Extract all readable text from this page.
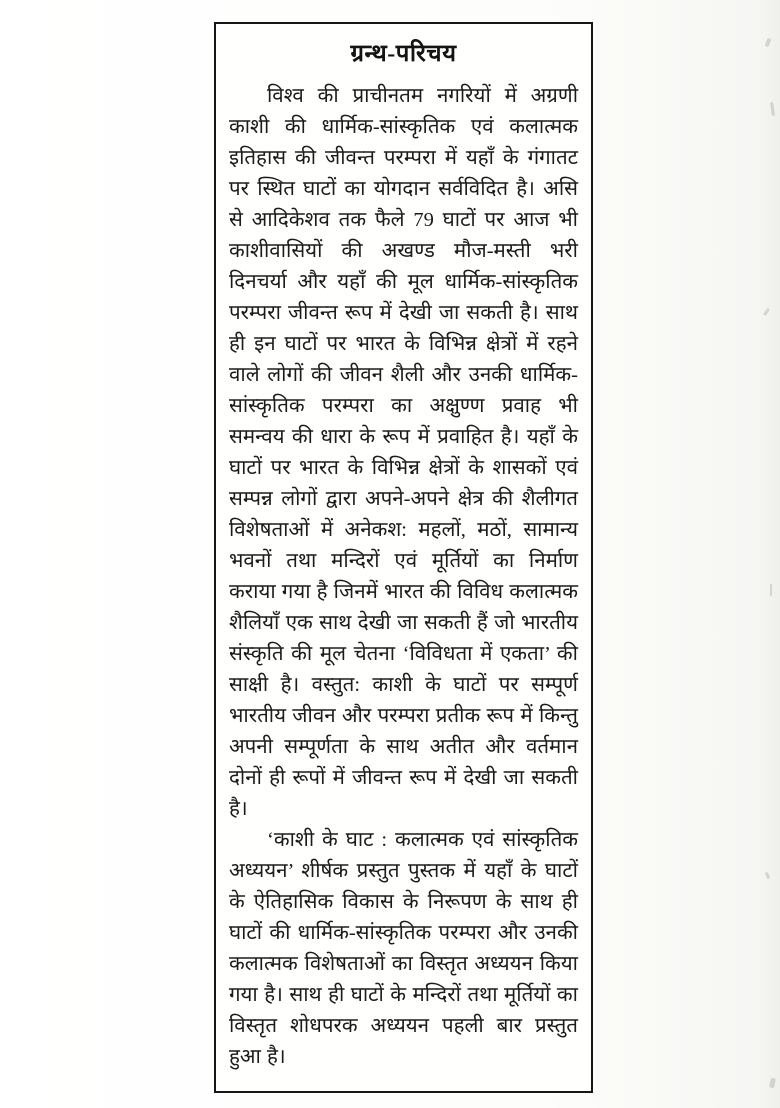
ग्रन्थ-परिचय

विश्व की प्राचीनतम नगरियों में अग्रणी काशी की धार्मिक-सांस्कृतिक एवं कलात्मक इतिहास की जीवन्त परम्परा में यहाँ के गंगातट पर स्थित घाटों का योगदान सर्वविदित है। असि से आदिकेशव तक फैले 79 घाटों पर आज भी काशीवासियों की अखण्ड मौज-मस्ती भरी दिनचर्या और यहाँ की मूल धार्मिक-सांस्कृतिक परम्परा जीवन्त रूप में देखी जा सकती है। साथ ही इन घाटों पर भारत के विभिन्न क्षेत्रों में रहने वाले लोगों की जीवन शैली और उनकी धार्मिक-सांस्कृतिक परम्परा का अक्षुण्ण प्रवाह भी समन्वय की धारा के रूप में प्रवाहित है। यहाँ के घाटों पर भारत के विभिन्न क्षेत्रों के शासकों एवं सम्पन्न लोगों द्वारा अपने-अपने क्षेत्र की शैलीगत विशेषताओं में अनेकश: महलों, मठों, सामान्य भवनों तथा मन्दिरों एवं मूर्तियों का निर्माण कराया गया है जिनमें भारत की विविध कलात्मक शैलियाँ एक साथ देखी जा सकती हैं जो भारतीय संस्कृति की मूल चेतना ‘विविधता में एकता’ की साक्षी है। वस्तुत: काशी के घाटों पर सम्पूर्ण भारतीय जीवन और परम्परा प्रतीक रूप में किन्तु अपनी सम्पूर्णता के साथ अतीत और वर्तमान दोनों ही रूपों में जीवन्त रूप में देखी जा सकती है।

‘काशी के घाट : कलात्मक एवं सांस्कृतिक अध्ययन’ शीर्षक प्रस्तुत पुस्तक में यहाँ के घाटों के ऐतिहासिक विकास के निरूपण के साथ ही घाटों की धार्मिक-सांस्कृतिक परम्परा और उनकी कलात्मक विशेषताओं का विस्तृत अध्ययन किया गया है। साथ ही घाटों के मन्दिरों तथा मूर्तियों का विस्तृत शोधपरक अध्ययन पहली बार प्रस्तुत हुआ है।
